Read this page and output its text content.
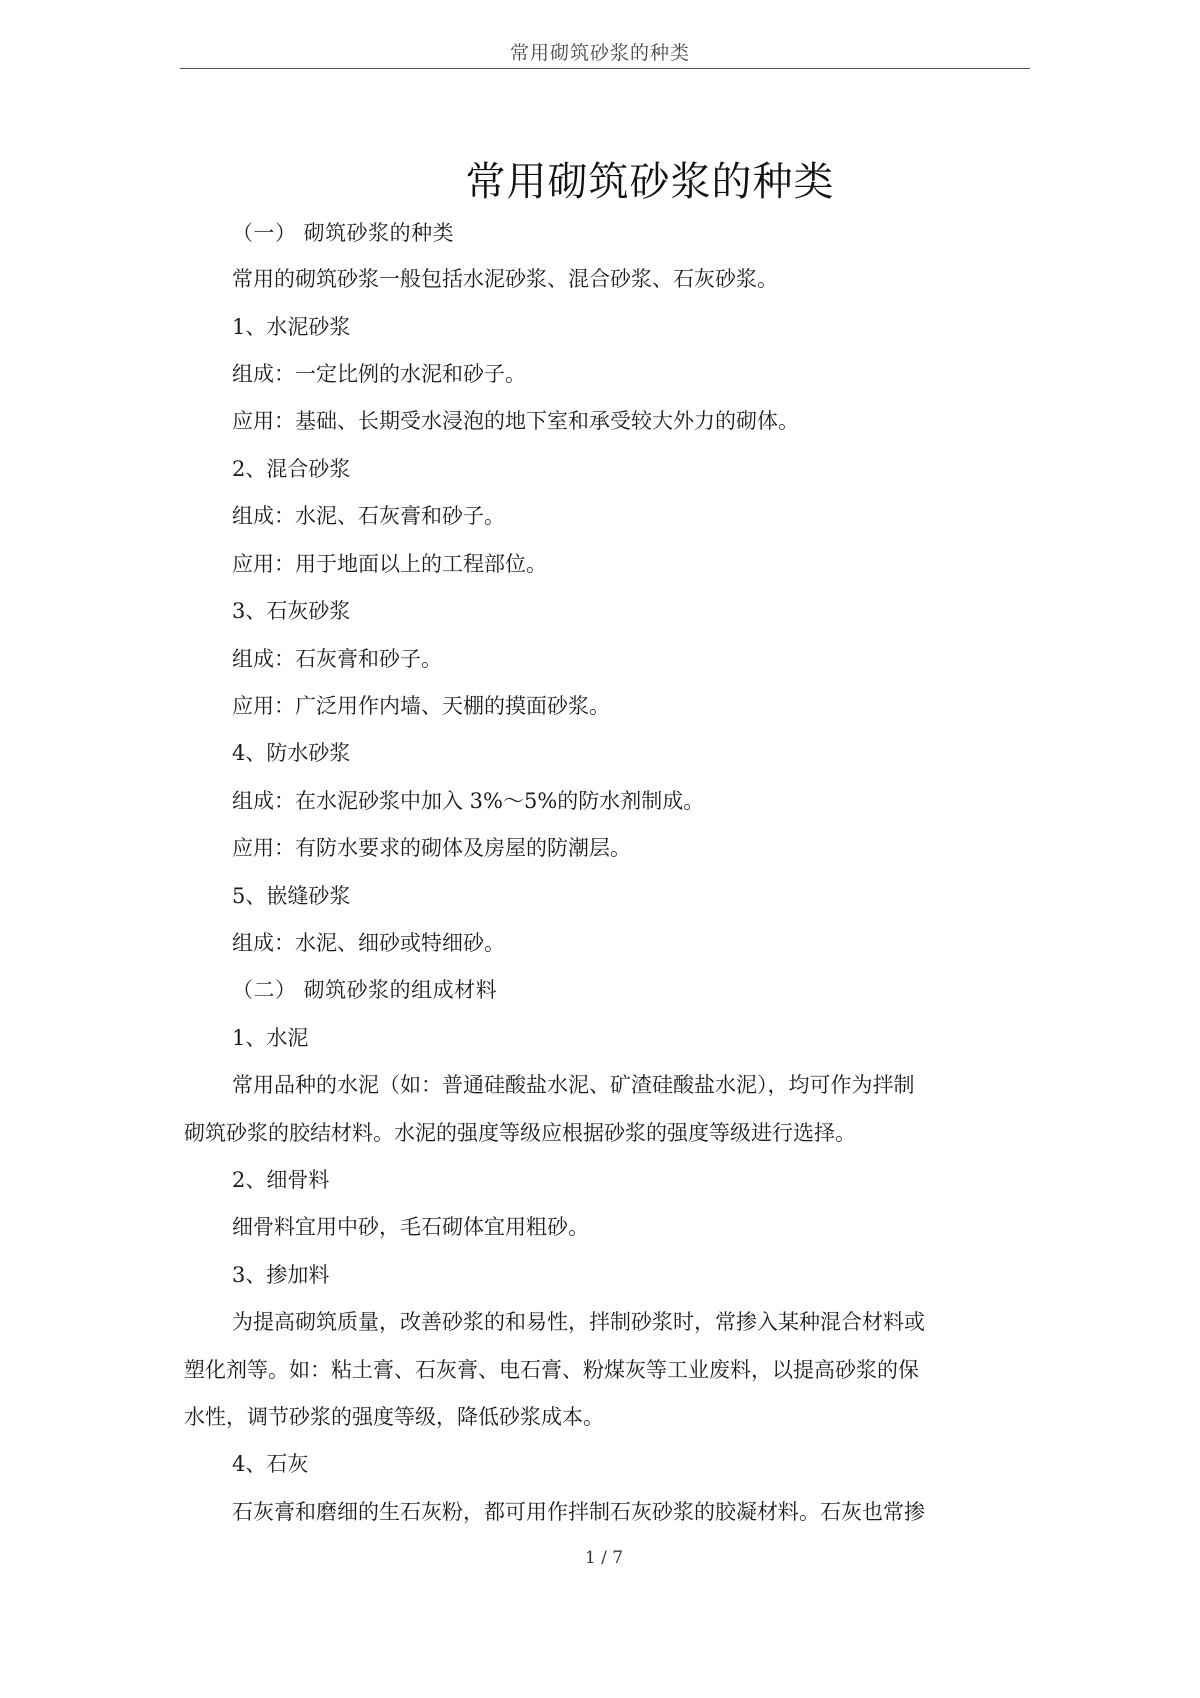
常用砌筑砂浆的种类
常用砌筑砂浆的种类
（一） 砌筑砂浆的种类
常用的砌筑砂浆一般包括水泥砂浆、混合砂浆、石灰砂浆。
1、水泥砂浆
组成：一定比例的水泥和砂子。
应用：基础、长期受水浸泡的地下室和承受较大外力的砌体。
2、混合砂浆
组成：水泥、石灰膏和砂子。
应用：用于地面以上的工程部位。
3、石灰砂浆
组成：石灰膏和砂子。
应用：广泛用作内墙、天棚的摸面砂浆。
4、防水砂浆
组成：在水泥砂浆中加入 3%～5%的防水剂制成。
应用：有防水要求的砌体及房屋的防潮层。
5、嵌缝砂浆
组成：水泥、细砂或特细砂。
（二） 砌筑砂浆的组成材料
1、水泥
常用品种的水泥（如：普通硅酸盐水泥、矿渣硅酸盐水泥），均可作为拌制
砌筑砂浆的胶结材料。水泥的强度等级应根据砂浆的强度等级进行选择。
2、细骨料
细骨料宜用中砂，毛石砌体宜用粗砂。
3、掺加料
为提高砌筑质量，改善砂浆的和易性，拌制砂浆时，常掺入某种混合材料或
塑化剂等。如：粘土膏、石灰膏、电石膏、粉煤灰等工业废料，以提高砂浆的保
水性，调节砂浆的强度等级，降低砂浆成本。
4、石灰
石灰膏和磨细的生石灰粉，都可用作拌制石灰砂浆的胶凝材料。石灰也常掺
1 / 7
